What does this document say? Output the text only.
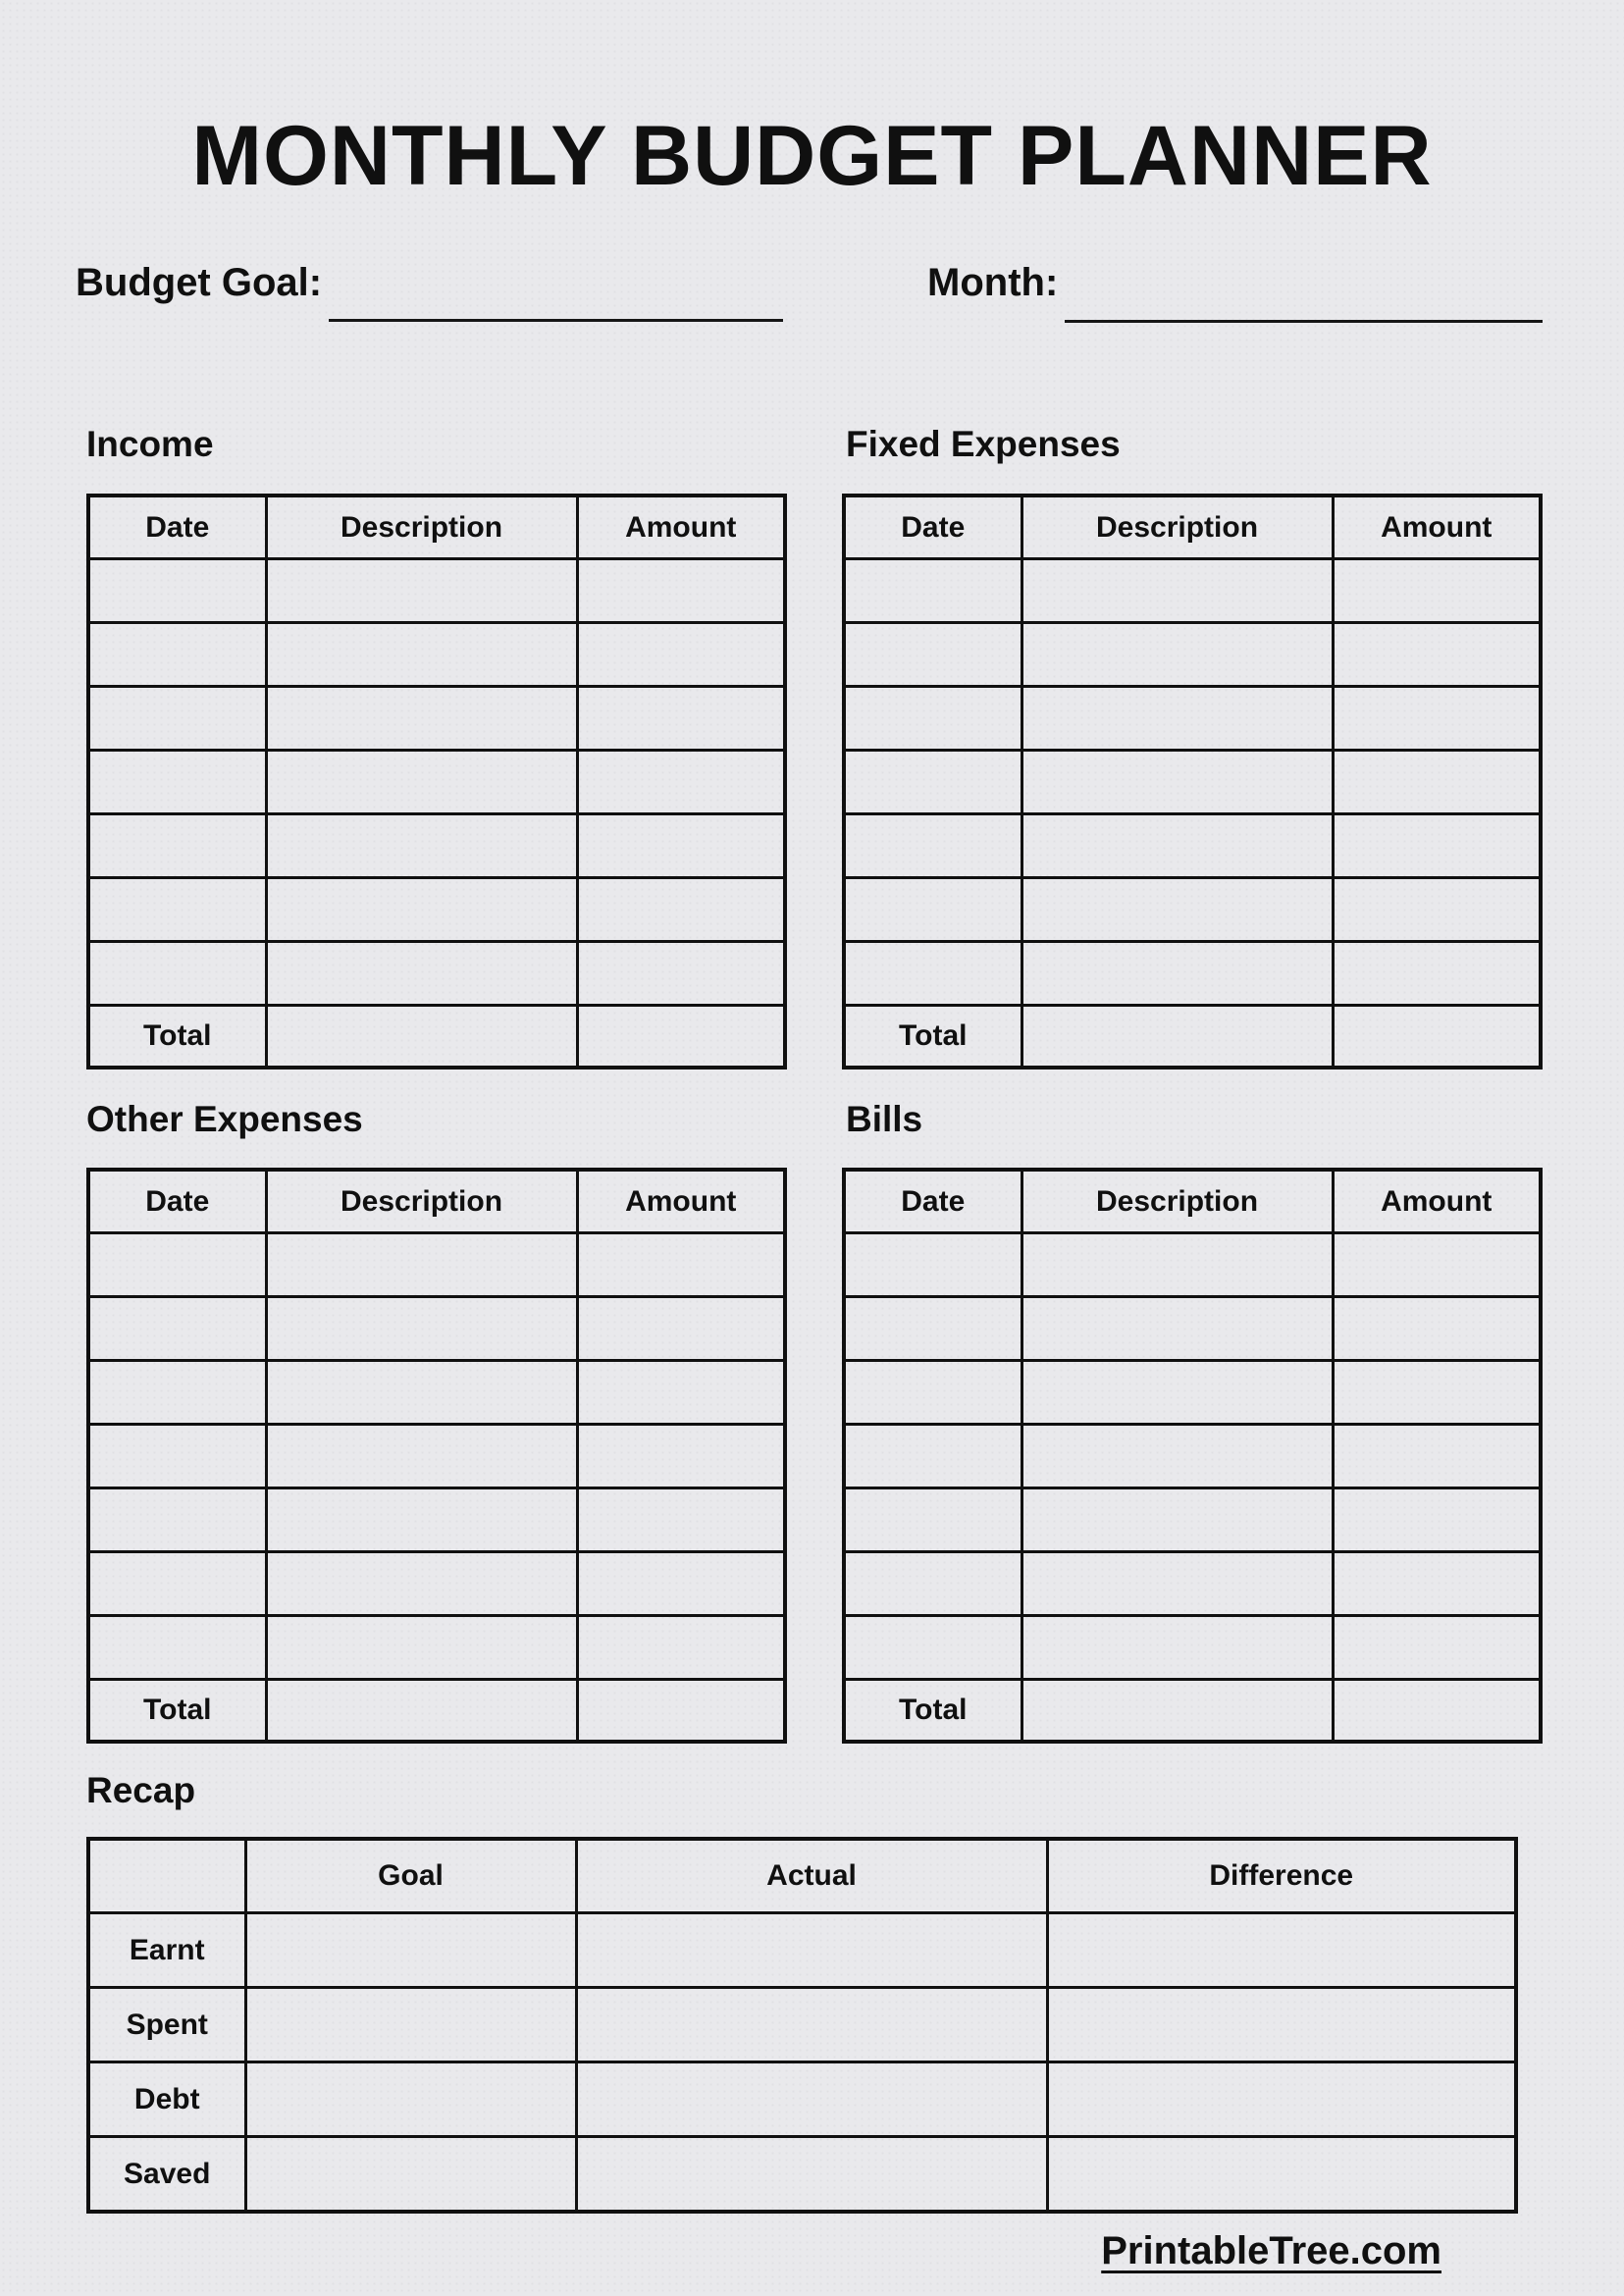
MONTHLY BUDGET PLANNER

Budget Goal:	Month:

Income	Fixed Expenses
Other Expenses	Bills
Recap
Date	Description	Amount

Total		
Date	Description	Amount

Total		
Date	Description	Amount

Total		
Date	Description	Amount

Total		
	Goal	Actual	Difference
Earnt			
Spent			
Debt			
Saved			
PrintableTree.com
